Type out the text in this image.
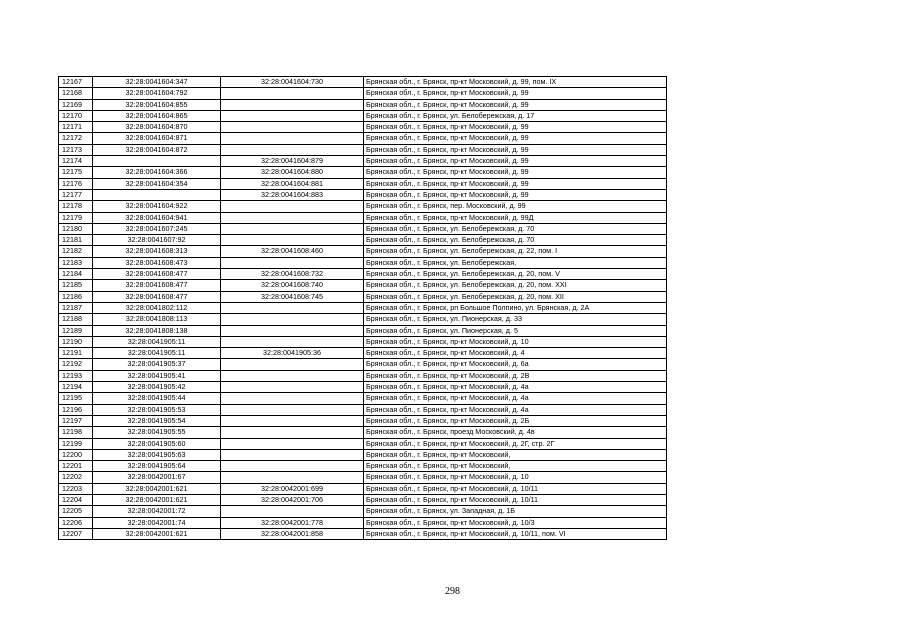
12167	32:28:0041604:347	32:28:0041604:730	Брянская обл., г. Брянск, пр-кт Московский, д. 99, пом. IX
12168	32:28:0041604:792		Брянская обл., г. Брянск, пр-кт Московский, д. 99
12169	32:28:0041604:855		Брянская обл., г. Брянск, пр-кт Московский, д. 99
12170	32:28:0041604:865		Брянская обл., г. Брянск, ул. Белобережская, д. 17
12171	32:28:0041604:870		Брянская обл., г. Брянск, пр-кт Московский, д. 99
12172	32:28:0041604:871		Брянская обл., г. Брянск, пр-кт Московский, д. 99
12173	32:28:0041604:872		Брянская обл., г. Брянск, пр-кт Московский, д. 99
12174		32:28:0041604:879	Брянская обл., г. Брянск, пр-кт Московский, д. 99
12175	32:28:0041604:366	32:28:0041604:880	Брянская обл., г. Брянск, пр-кт Московский, д. 99
12176	32:28:0041604:354	32:28:0041604:881	Брянская обл., г. Брянск, пр-кт Московский, д. 99
12177		32:28:0041604:883	Брянская обл., г. Брянск, пр-кт Московский, д. 99
12178	32:28:0041604:922		Брянская обл., г. Брянск, пер. Московский, д. 99
12179	32:28:0041604:941		Брянская обл., г. Брянск, пр-кт Московский, д. 99Д
12180	32:28:0041607:245		Брянская обл., г. Брянск, ул. Белобережская, д. 70
12181	32:28:0041607:92		Брянская обл., г. Брянск, ул. Белобережская, д. 70
12182	32:28:0041608:313	32:28:0041608:460	Брянская обл., г. Брянск, ул. Белобережская, д. 22, пом. I
12183	32:28:0041608:473		Брянская обл., г. Брянск, ул. Белобережская,
12184	32:28:0041608:477	32:28:0041608:732	Брянская обл., г. Брянск, ул. Белобережская, д. 20, пом. V
12185	32:28:0041608:477	32:28:0041608:740	Брянская обл., г. Брянск, ул. Белобережская, д. 20, пом. XXI
12186	32:28:0041608:477	32:28:0041608:745	Брянская обл., г. Брянск, ул. Белобережская, д. 20, пом. XII
12187	32:28:0041802:112		Брянская обл., г. Брянск, рп Большое Полпино, ул. Брянская, д. 2А
12188	32:28:0041808:113		Брянская обл., г. Брянск, ул. Пионерская, д. 33
12189	32:28:0041808:138		Брянская обл., г. Брянск, ул. Пионерская, д. 5
12190	32:28:0041905:11		Брянская обл., г. Брянск, пр-кт Московский, д. 10
12191	32:28:0041905:11	32:28:0041905:36	Брянская обл., г. Брянск, пр-кт Московский, д. 4
12192	32:28:0041905:37		Брянская обл., г. Брянск, пр-кт Московский, д. 6а
12193	32:28:0041905:41		Брянская обл., г. Брянск, пр-кт Московский, д. 2В
12194	32:28:0041905:42		Брянская обл., г. Брянск, пр-кт Московский, д. 4а
12195	32:28:0041905:44		Брянская обл., г. Брянск, пр-кт Московский, д. 4а
12196	32:28:0041905:53		Брянская обл., г. Брянск, пр-кт Московский, д. 4а
12197	32:28:0041905:54		Брянская обл., г. Брянск, пр-кт Московский, д. 2Б
12198	32:28:0041905:55		Брянская обл., г. Брянск, проезд Московский, д. 4в
12199	32:28:0041905:60		Брянская обл., г. Брянск, пр-кт Московский, д. 2Г, стр. 2Г
12200	32:28:0041905:63		Брянская обл., г. Брянск, пр-кт Московский,
12201	32:28:0041905:64		Брянская обл., г. Брянск, пр-кт Московский,
12202	32:28:0042001:67		Брянская обл., г. Брянск, пр-кт Московский, д. 10
12203	32:28:0042001:621	32:28:0042001:699	Брянская обл., г. Брянск, пр-кт Московский, д. 10/11
12204	32:28:0042001:621	32:28:0042001:706	Брянская обл., г. Брянск, пр-кт Московский, д. 10/11
12205	32:28:0042001:72		Брянская обл., г. Брянск, ул. Западная, д. 1Б
12206	32:28:0042001:74	32:28:0042001:778	Брянская обл., г. Брянск, пр-кт Московский, д. 10/3
12207	32:28:0042001:621	32:28:0042001:858	Брянская обл., г. Брянск, пр-кт Московский, д. 10/11, пом. VI
298
